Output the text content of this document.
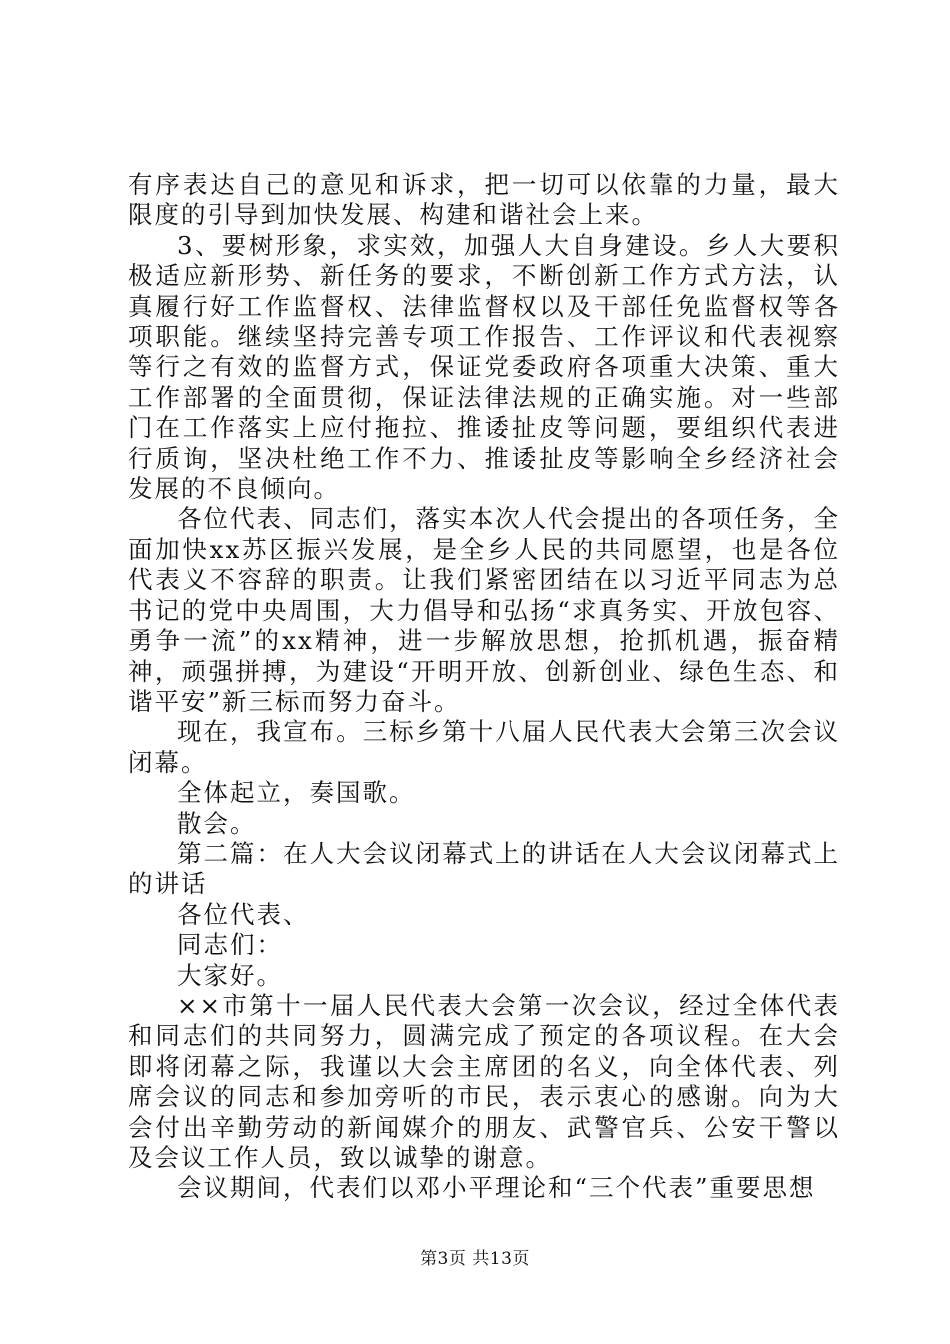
有序表达自己的意见和诉求，把一切可以依靠的力量，最大限度的引导到加快发展、构建和谐社会上来。

3、要树形象，求实效，加强人大自身建设。乡人大要积极适应新形势、新任务的要求，不断创新工作方式方法，认真履行好工作监督权、法律监督权以及干部任免监督权等各项职能。继续坚持完善专项工作报告、工作评议和代表视察等行之有效的监督方式，保证党委政府各项重大决策、重大工作部署的全面贯彻，保证法律法规的正确实施。对一些部门在工作落实上应付拖拉、推诿扯皮等问题，要组织代表进行质询，坚决杜绝工作不力、推诿扯皮等影响全乡经济社会发展的不良倾向。

各位代表、同志们，落实本次人代会提出的各项任务，全面加快xx苏区振兴发展，是全乡人民的共同愿望，也是各位代表义不容辞的职责。让我们紧密团结在以习近平同志为总书记的党中央周围，大力倡导和弘扬“求真务实、开放包容、勇争一流”的xx精神，进一步解放思想，抢抓机遇，振奋精神，顽强拼搏，为建设“开明开放、创新创业、绿色生态、和谐平安”新三标而努力奋斗。

现在，我宣布。三标乡第十八届人民代表大会第三次会议闭幕。

全体起立，奏国歌。

散会。

第二篇：在人大会议闭幕式上的讲话在人大会议闭幕式上的讲话

各位代表、

同志们：

大家好。

××市第十一届人民代表大会第一次会议，经过全体代表和同志们的共同努力，圆满完成了预定的各项议程。在大会即将闭幕之际，我谨以大会主席团的名义，向全体代表、列席会议的同志和参加旁听的市民，表示衷心的感谢。向为大会付出辛勤劳动的新闻媒介的朋友、武警官兵、公安干警以及会议工作人员，致以诚挚的谢意。

会议期间，代表们以邓小平理论和“三个代表”重要思想

第3页 共13页
